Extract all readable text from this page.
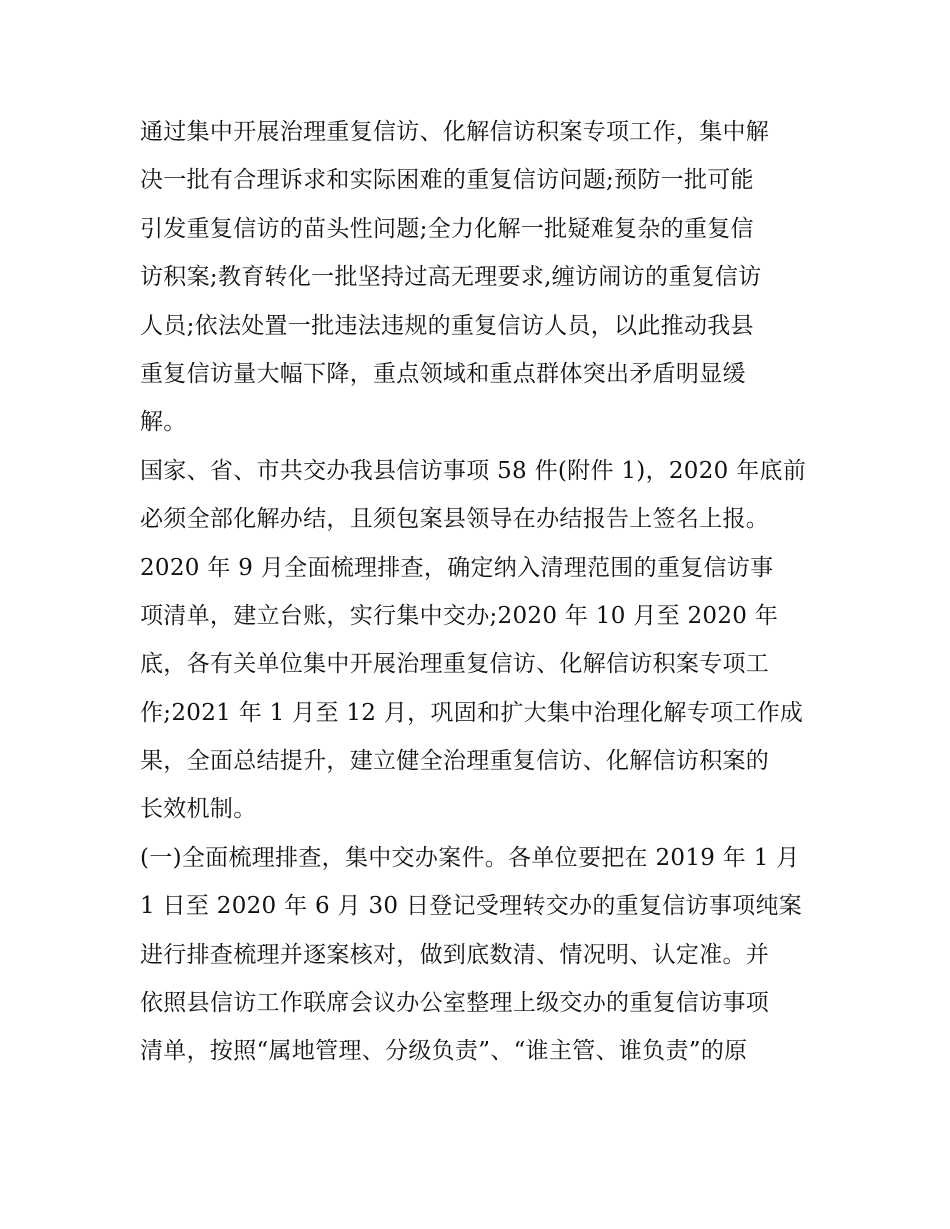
通过集中开展治理重复信访、化解信访积案专项工作，集中解
决一批有合理诉求和实际困难的重复信访问题;预防一批可能
引发重复信访的苗头性问题;全力化解一批疑难复杂的重复信
访积案;教育转化一批坚持过高无理要求,缠访闹访的重复信访
人员;依法处置一批违法违规的重复信访人员，以此推动我县
重复信访量大幅下降，重点领域和重点群体突出矛盾明显缓
解。
国家、省、市共交办我县信访事项 58 件(附件 1)，2020 年底前
必须全部化解办结，且须包案县领导在办结报告上签名上报。
2020 年 9 月全面梳理排查，确定纳入清理范围的重复信访事
项清单，建立台账，实行集中交办;2020 年 10 月至 2020 年
底，各有关单位集中开展治理重复信访、化解信访积案专项工
作;2021 年 1 月至 12 月，巩固和扩大集中治理化解专项工作成
果，全面总结提升，建立健全治理重复信访、化解信访积案的
长效机制。
(一)全面梳理排查，集中交办案件。各单位要把在 2019 年 1 月
1 日至 2020 年 6 月 30 日登记受理转交办的重复信访事项纯案
进行排查梳理并逐案核对，做到底数清、情况明、认定准。并
依照县信访工作联席会议办公室整理上级交办的重复信访事项
清单，按照“属地管理、分级负责”、“谁主管、谁负责”的原
